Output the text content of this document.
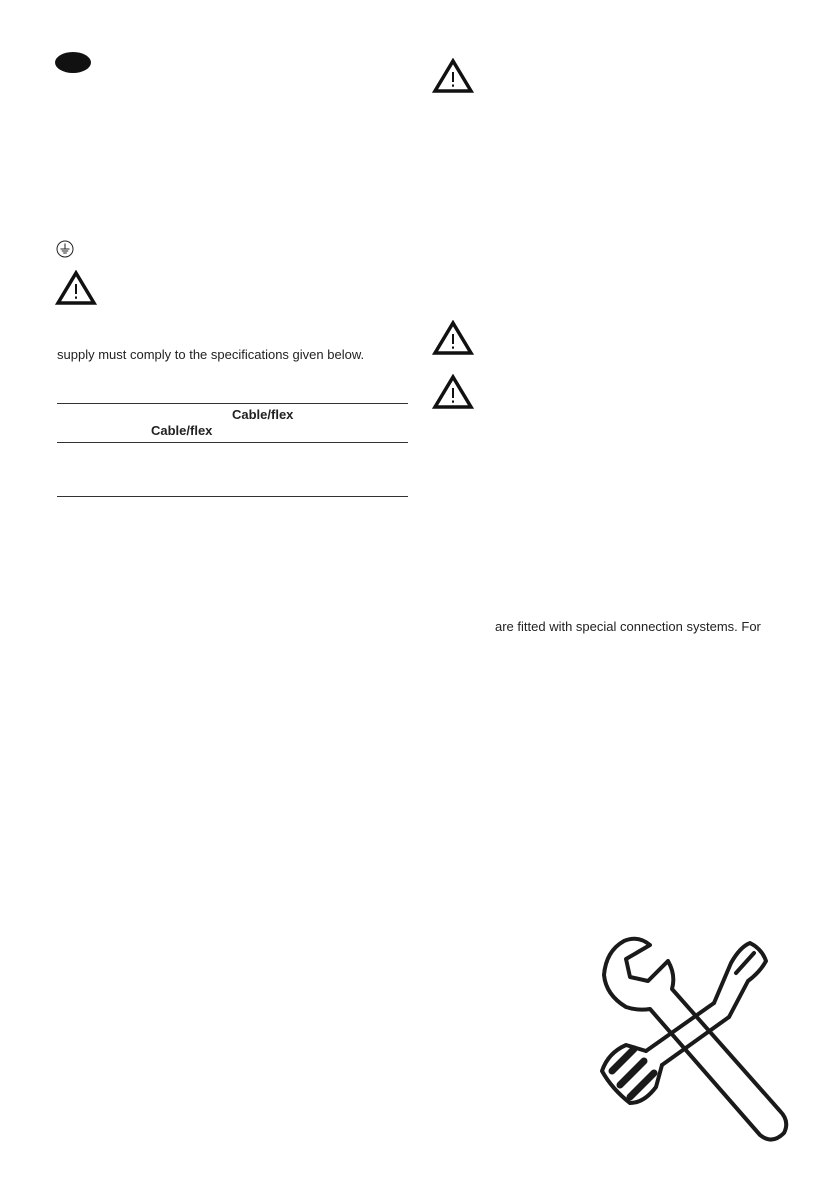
supply must comply to the specifications given below.
Cable/flex
Cable/flex
are fitted with special connection systems. For
